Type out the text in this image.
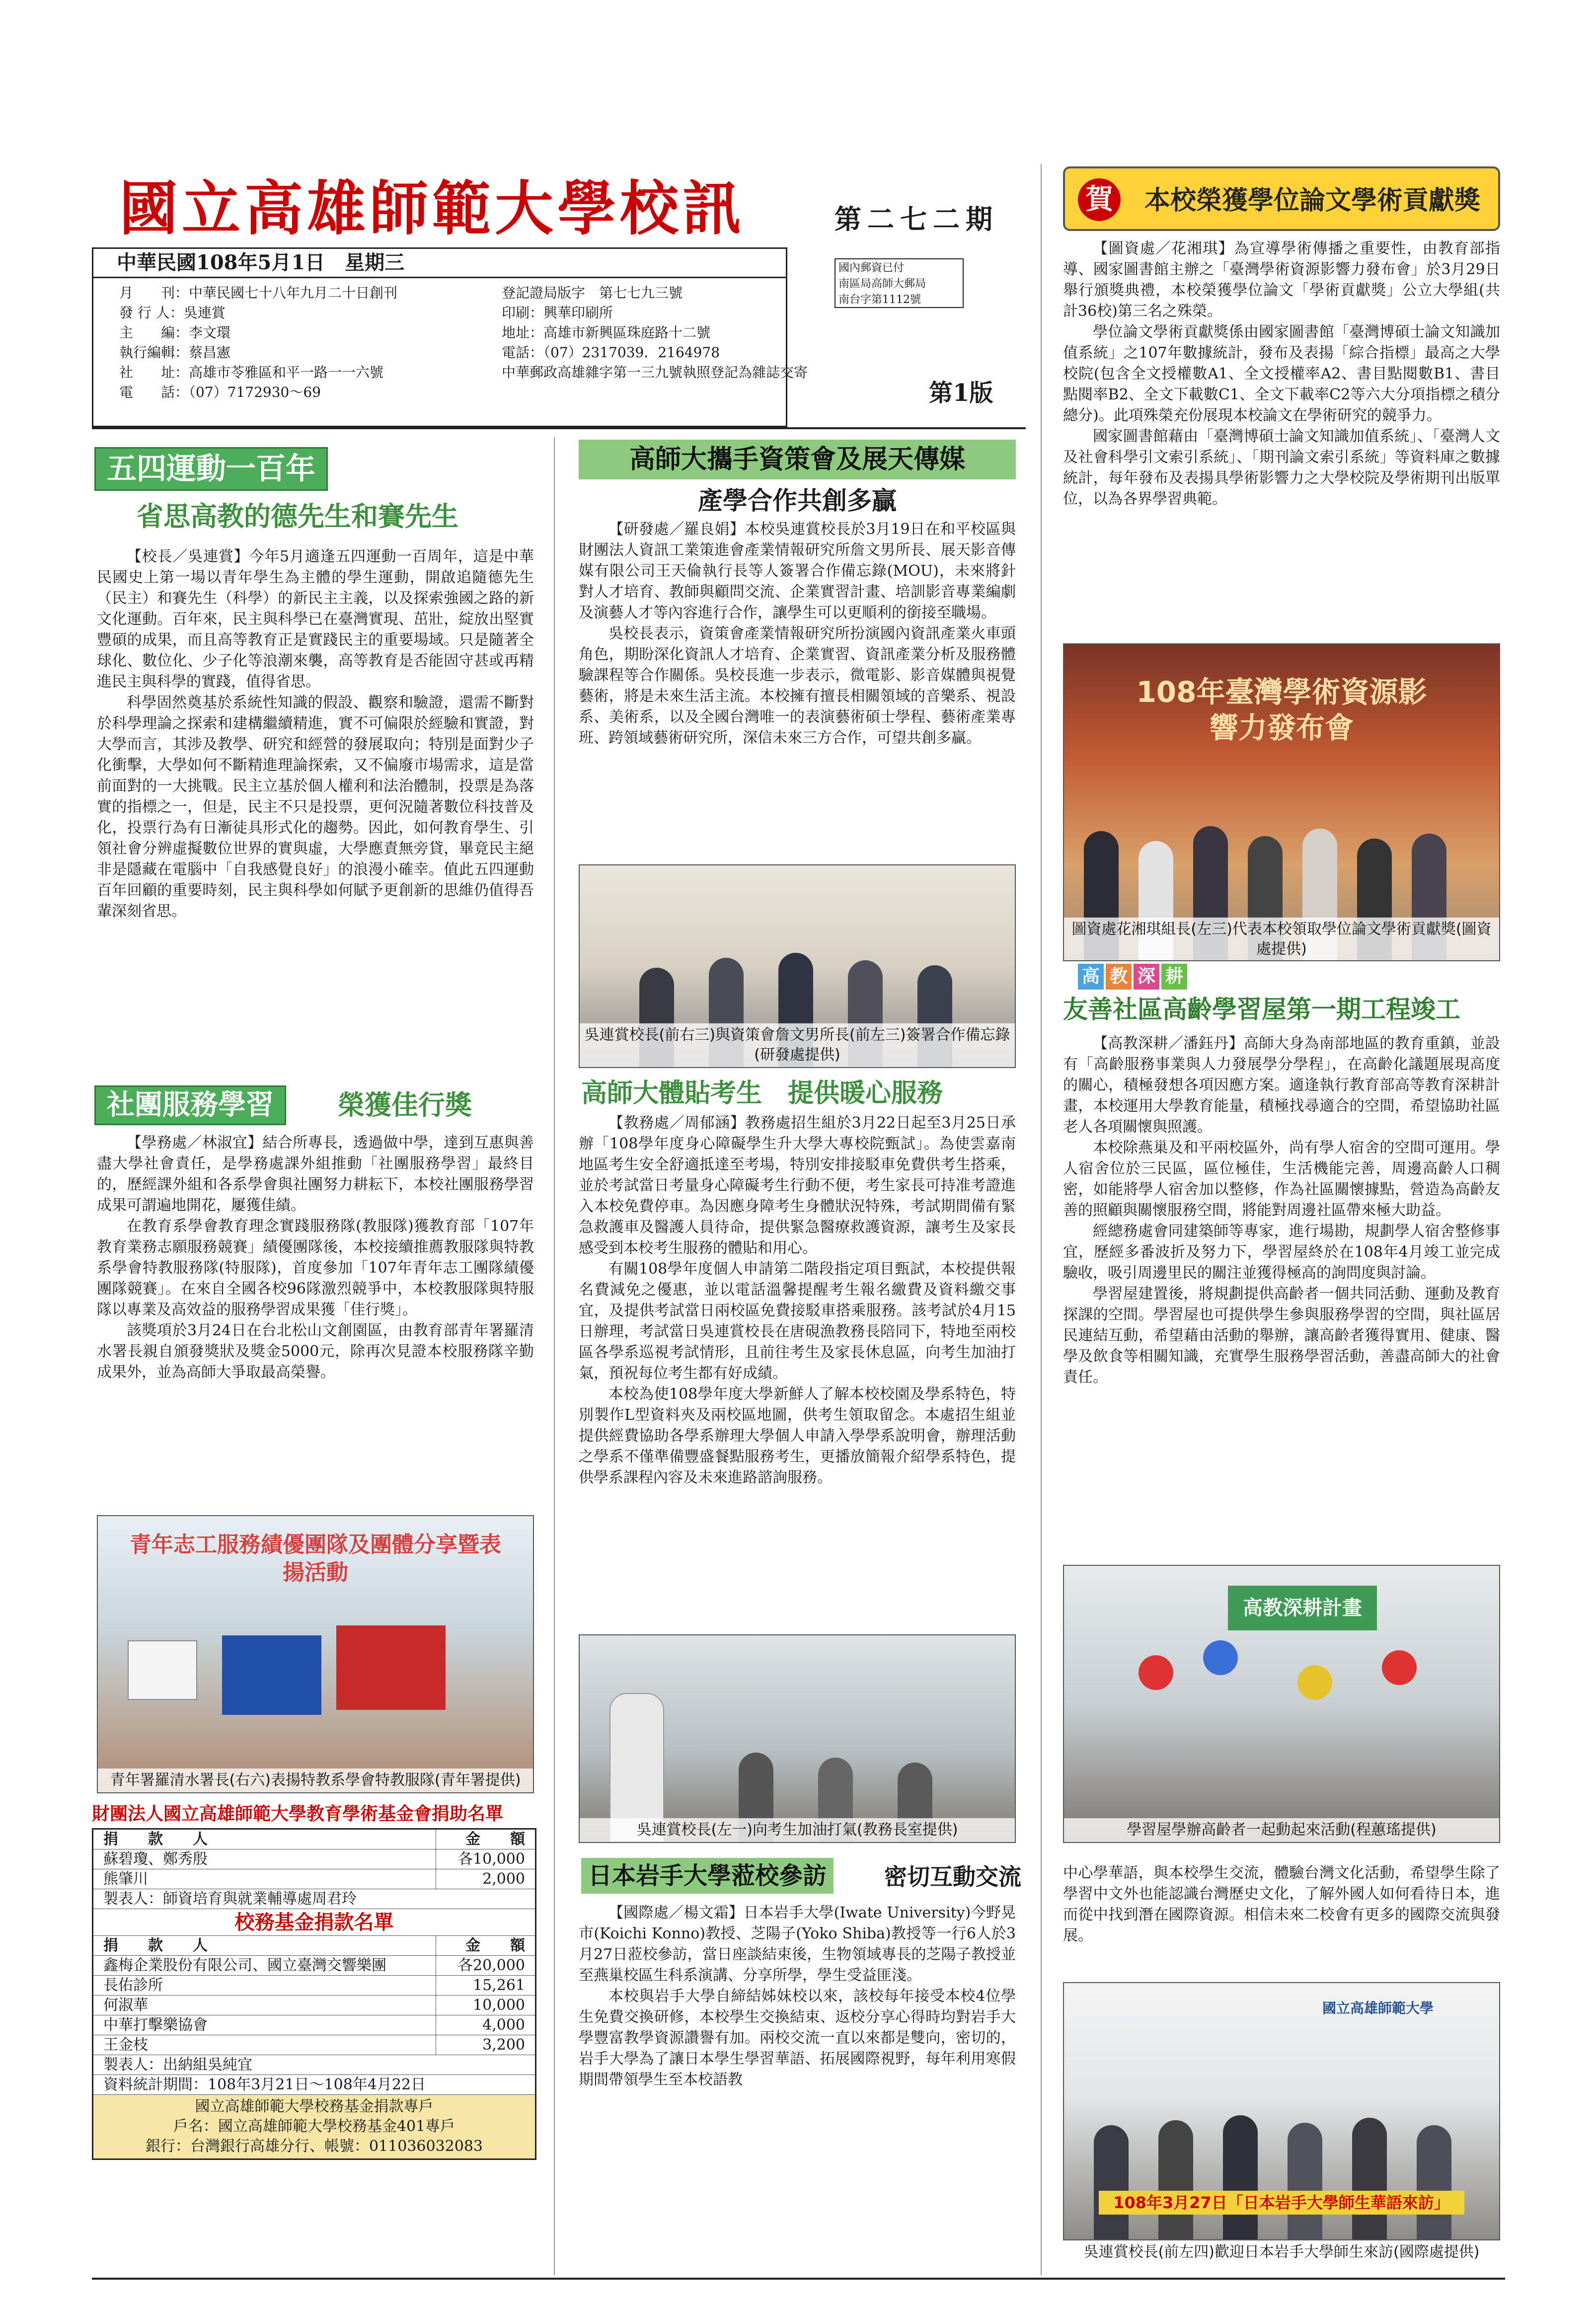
國立高雄師範大學校訊	第二七二期
中華民國108年5月1日　星期三
月　　刊：中華民國七十八年九月二十日創刊
發 行 人：吳連賞
主　　編：李文環
執行編輯：蔡昌憲
社　　址：高雄市苓雅區和平一路一一六號
電　　話：（07）7172930～69
登記證局版字　第七七九三號
印刷：興華印刷所
地址：高雄市新興區珠庭路十二號
電話：（07）2317039．2164978
中華郵政高雄雜字第一三九號執照登記為雜誌交寄
國內郵資已付
南區局高師大郵局
南台字第1112號
第1版
五四運動一百年
省思高教的德先生和賽先生

【校長／吳連賞】今年5月適逢五四運動一百周年，這是中華民國史上第一場以青年學生為主體的學生運動，開啟追隨德先生（民主）和賽先生（科學）的新民主主義，以及探索強國之路的新文化運動。百年來，民主與科學已在臺灣實現、茁壯，綻放出堅實豐碩的成果，而且高等教育正是實踐民主的重要場域。只是隨著全球化、數位化、少子化等浪潮來襲，高等教育是否能固守甚或再精進民主與科學的實踐，值得省思。

科學固然奠基於系統性知識的假設、觀察和驗證，還需不斷對於科學理論之探索和建構繼續精進，實不可偏限於經驗和實證，對大學而言，其涉及教學、研究和經營的發展取向；特別是面對少子化衝擊，大學如何不斷精進理論探索，又不偏廢市場需求，這是當前面對的一大挑戰。民主立基於個人權利和法治體制，投票是為落實的指標之一，但是，民主不只是投票，更何況隨著數位科技普及化，投票行為有日漸徒具形式化的趨勢。因此，如何教育學生、引領社會分辨虛擬數位世界的實與虛，大學應責無旁貸，畢竟民主絕非是隱藏在電腦中「自我感覺良好」的浪漫小確幸。值此五四運動百年回顧的重要時刻，民主與科學如何賦予更創新的思維仍值得吾輩深刻省思。

社團服務學習	榮獲佳行獎

【學務處／林淑宜】結合所專長，透過做中學，達到互惠與善盡大學社會責任，是學務處課外組推動「社團服務學習」最終目的，歷經課外組和各系學會與社團努力耕耘下，本校社團服務學習成果可謂遍地開花，屢獲佳績。

在教育系學會教育理念實踐服務隊(教服隊)獲教育部「107年教育業務志願服務競賽」績優團隊後，本校接續推薦教服隊與特教系學會特教服務隊(特服隊)，首度參加「107年青年志工團隊績優團隊競賽」。在來自全國各校96隊激烈競爭中，本校教服隊與特服隊以專業及高效益的服務學習成果獲「佳行獎」。

該獎項於3月24日在台北松山文創園區，由教育部青年署羅清水署長親自頒發獎狀及獎金5000元，除再次見證本校服務隊辛勤成果外，並為高師大爭取最高榮譽。

青年志工服務績優團隊及團體分享暨表揚活動
青年署羅清水署長(右六)表揚特教系學會特教服隊(青年署提供)
財團法人國立高雄師範大學教育學術基金會捐助名單
捐　　款　　人	金　　額
蘇碧瓊、鄭秀殷	各10,000
熊肇川	2,000
製表人：師資培育與就業輔導處周君玲
校務基金捐款名單
捐　　款　　人	金　　額
鑫梅企業股份有限公司、國立臺灣交響樂團	各20,000
長佑診所	15,261
何淑華	10,000
中華打擊樂協會	4,000
王金枝	3,200
製表人：出納組吳純宜
資料統計期間：108年3月21日～108年4月22日
國立高雄師範大學校務基金捐款專戶
戶名：國立高雄師範大學校務基金401專戶
銀行：台灣銀行高雄分行、帳號：011036032083
高師大攜手資策會及展天傳媒
產學合作共創多贏

【研發處／羅良娟】本校吳連賞校長於3月19日在和平校區與財團法人資訊工業策進會產業情報研究所詹文男所長、展天影音傳媒有限公司王天倫執行長等人簽署合作備忘錄(MOU)，未來將針對人才培育、教師與顧問交流、企業實習計畫、培訓影音專業編劇及演藝人才等內容進行合作，讓學生可以更順利的銜接至職場。

吳校長表示，資策會產業情報研究所扮演國內資訊產業火車頭角色，期盼深化資訊人才培育、企業實習、資訊產業分析及服務體驗課程等合作關係。吳校長進一步表示，微電影、影音媒體與視覺藝術，將是未來生活主流。本校擁有擅長相關領域的音樂系、視設系、美術系，以及全國台灣唯一的表演藝術碩士學程、藝術產業專班、跨領域藝術研究所，深信未來三方合作，可望共創多贏。

吳連賞校長(前右三)與資策會詹文男所長(前左三)簽署合作備忘錄(研發處提供)
高師大體貼考生　提供暖心服務

【教務處／周郁涵】教務處招生組於3月22日起至3月25日承辦「108學年度身心障礙學生升大學大專校院甄試」。為使雲嘉南地區考生安全舒適抵達至考場，特別安排接駁車免費供考生搭乘，並於考試當日考量身心障礙考生行動不便，考生家長可持准考證進入本校免費停車。為因應身障考生身體狀況特殊，考試期間備有緊急救護車及醫護人員待命，提供緊急醫療救護資源，讓考生及家長感受到本校考生服務的體貼和用心。

有關108學年度個人申請第二階段指定項目甄試，本校提供報名費減免之優惠，並以電話溫馨提醒考生報名繳費及資料繳交事宜，及提供考試當日兩校區免費接駁車搭乘服務。該考試於4月15日辦理，考試當日吳連賞校長在唐硯漁教務長陪同下，特地至兩校區各學系巡視考試情形，且前往考生及家長休息區，向考生加油打氣，預祝每位考生都有好成績。

本校為使108學年度大學新鮮人了解本校校園及學系特色，特別製作L型資料夾及兩校區地圖，供考生領取留念。本處招生組並提供經費協助各學系辦理大學個人申請入學學系說明會，辦理活動之學系不僅準備豐盛餐點服務考生，更播放簡報介紹學系特色，提供學系課程內容及未來進路諮詢服務。

吳連賞校長(左一)向考生加油打氣(教務長室提供)
日本岩手大學蒞校參訪	密切互動交流

【國際處／楊文霜】日本岩手大學(Iwate University)今野晃市(Koichi Konno)教授、芝陽子(Yoko Shiba)教授等一行6人於3月27日蒞校參訪，當日座談結束後，生物領域專長的芝陽子教授並至燕巢校區生科系演講、分享所學，學生受益匪淺。

本校與岩手大學自締結姊妹校以來，該校每年接受本校4位學生免費交換研修，本校學生交換結束、返校分享心得時均對岩手大學豐富教學資源讚譽有加。兩校交流一直以來都是雙向，密切的，岩手大學為了讓日本學生學習華語、拓展國際視野，每年利用寒假期間帶領學生至本校語教

賀 本校榮獲學位論文學術貢獻獎

【圖資處／花湘琪】為宣導學術傳播之重要性，由教育部指導、國家圖書館主辦之「臺灣學術資源影響力發布會」於3月29日舉行頒獎典禮，本校榮獲學位論文「學術貢獻獎」公立大學組(共計36校)第三名之殊榮。

學位論文學術貢獻獎係由國家圖書館「臺灣博碩士論文知識加值系統」之107年數據統計，發布及表揚「綜合指標」最高之大學校院(包含全文授權數A1、全文授權率A2、書目點閱數B1、書目點閱率B2、全文下載數C1、全文下載率C2等六大分項指標之積分總分)。此項殊榮充份展現本校論文在學術研究的競爭力。

國家圖書館藉由「臺灣博碩士論文知識加值系統」、「臺灣人文及社會科學引文索引系統」、「期刊論文索引系統」等資料庫之數據統計，每年發布及表揚具學術影響力之大學校院及學術期刊出版單位，以為各界學習典範。

108年臺灣學術資源影響力發布會
圖資處花湘琪組長(左三)代表本校領取學位論文學術貢獻獎(圖資處提供)
高 教 深 耕
友善社區高齡學習屋第一期工程竣工

【高教深耕／潘鈺丹】高師大身為南部地區的教育重鎮，並設有「高齡服務事業與人力發展學分學程」，在高齡化議題展現高度的關心，積極發想各項因應方案。適逢執行教育部高等教育深耕計畫，本校運用大學教育能量，積極找尋適合的空間，希望協助社區老人各項關懷與照護。

本校除燕巢及和平兩校區外，尚有學人宿舍的空間可運用。學人宿舍位於三民區，區位極佳，生活機能完善，周邊高齡人口稠密，如能將學人宿舍加以整修，作為社區關懷據點，營造為高齡友善的照顧與關懷服務空間，將能對周邊社區帶來極大助益。

經總務處會同建築師等專家，進行場勘，規劃學人宿舍整修事宜，歷經多番波折及努力下，學習屋終於在108年4月竣工並完成驗收，吸引周邊里民的關注並獲得極高的詢問度與討論。

學習屋建置後，將規劃提供高齡者一個共同活動、運動及教育探課的空間。學習屋也可提供學生參與服務學習的空間，與社區居民連結互動，希望藉由活動的舉辦，讓高齡者獲得實用、健康、醫學及飲食等相關知識，充實學生服務學習活動，善盡高師大的社會責任。

高教深耕計畫
學習屋學辦高齡者一起動起來活動(程蕙瑤提供)
中心學華語，與本校學生交流，體驗台灣文化活動，希望學生除了學習中文外也能認識台灣歷史文化，了解外國人如何看待日本，進而從中找到潛在國際資源。相信未來二校會有更多的國際交流與發展。
國立高雄師範大學
108年3月27日「日本岩手大學師生華語來訪」
吳連賞校長(前左四)歡迎日本岩手大學師生來訪(國際處提供)
